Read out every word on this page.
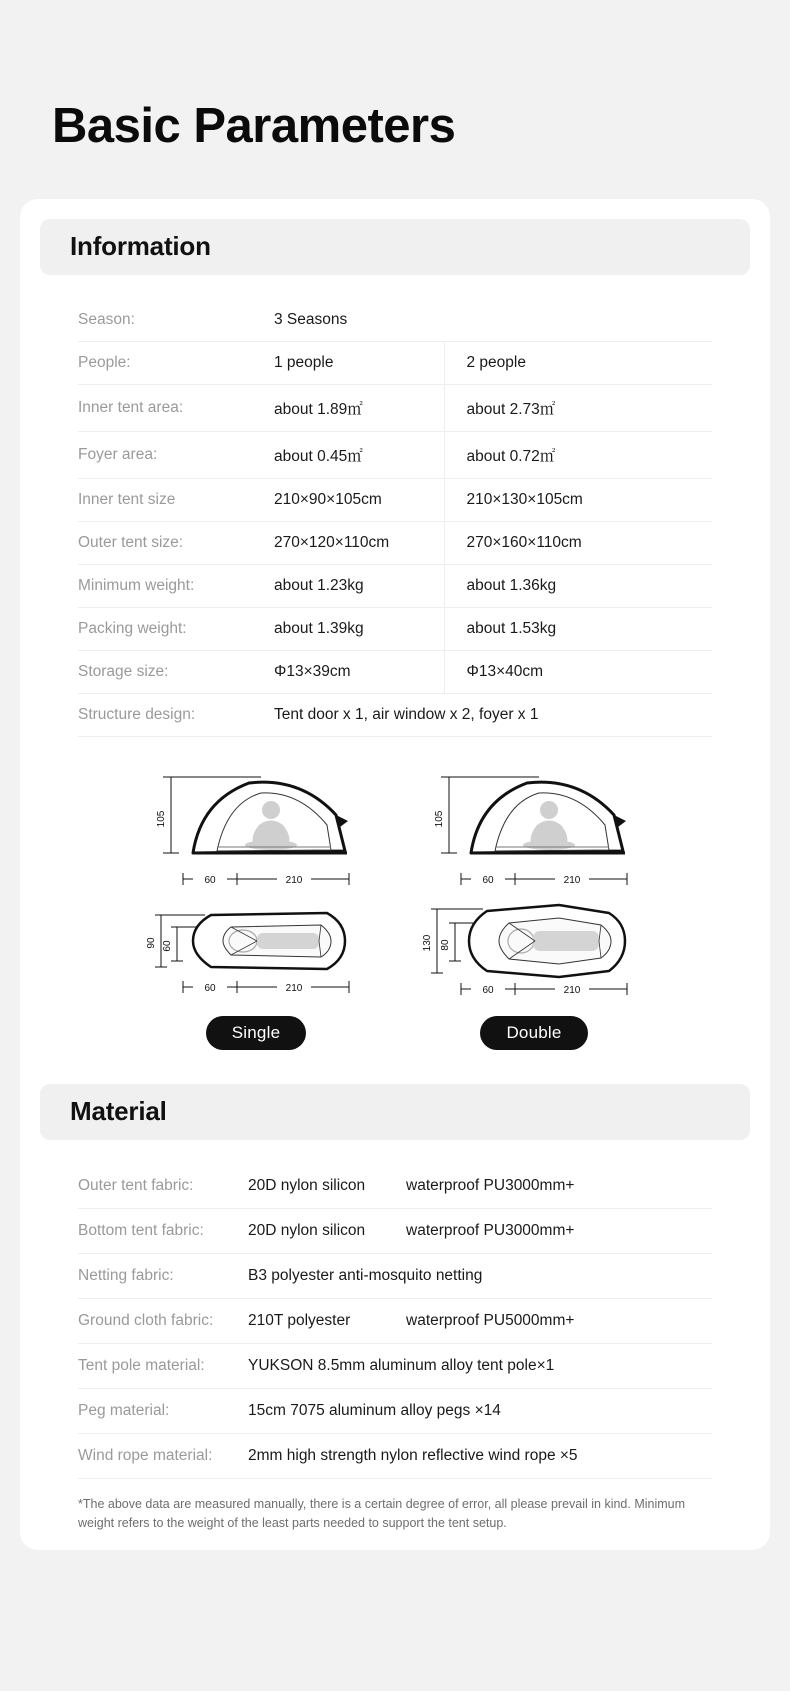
Basic Parameters
Information
Season:	3 Seasons	
People:	1 people	2 people
Inner tent area:	about 1.89㎡	about 2.73㎡
Foyer area:	about 0.45㎡	about 0.72㎡
Inner tent size	210×90×105cm	210×130×105cm
Outer tent size:	270×120×110cm	270×160×110cm
Minimum weight:	about 1.23kg	about 1.36kg
Packing weight:	about 1.39kg	about 1.53kg
Storage size:	Φ13×39cm	Φ13×40cm
Structure design:	Tent door x 1, air window x 2, foyer x 1	
105
60	210
90 60
60	210
105
60	210
130 80
60	210
Single	Double
Material
Outer tent fabric:	20D nylon silicon waterproof PU3000mm+
Bottom tent fabric:	20D nylon silicon waterproof PU3000mm+
Netting fabric:	B3 polyester anti-mosquito netting
Ground cloth fabric:	210T polyester waterproof PU5000mm+
Tent pole material:	YUKSON 8.5mm aluminum alloy tent pole×1
Peg material:	15cm 7075 aluminum alloy pegs ×14
Wind rope material:	2mm high strength nylon reflective wind rope ×5

*The above data are measured manually, there is a certain degree of error, all please prevail in kind. Minimum weight refers to the weight of the least parts needed to support the tent setup.
